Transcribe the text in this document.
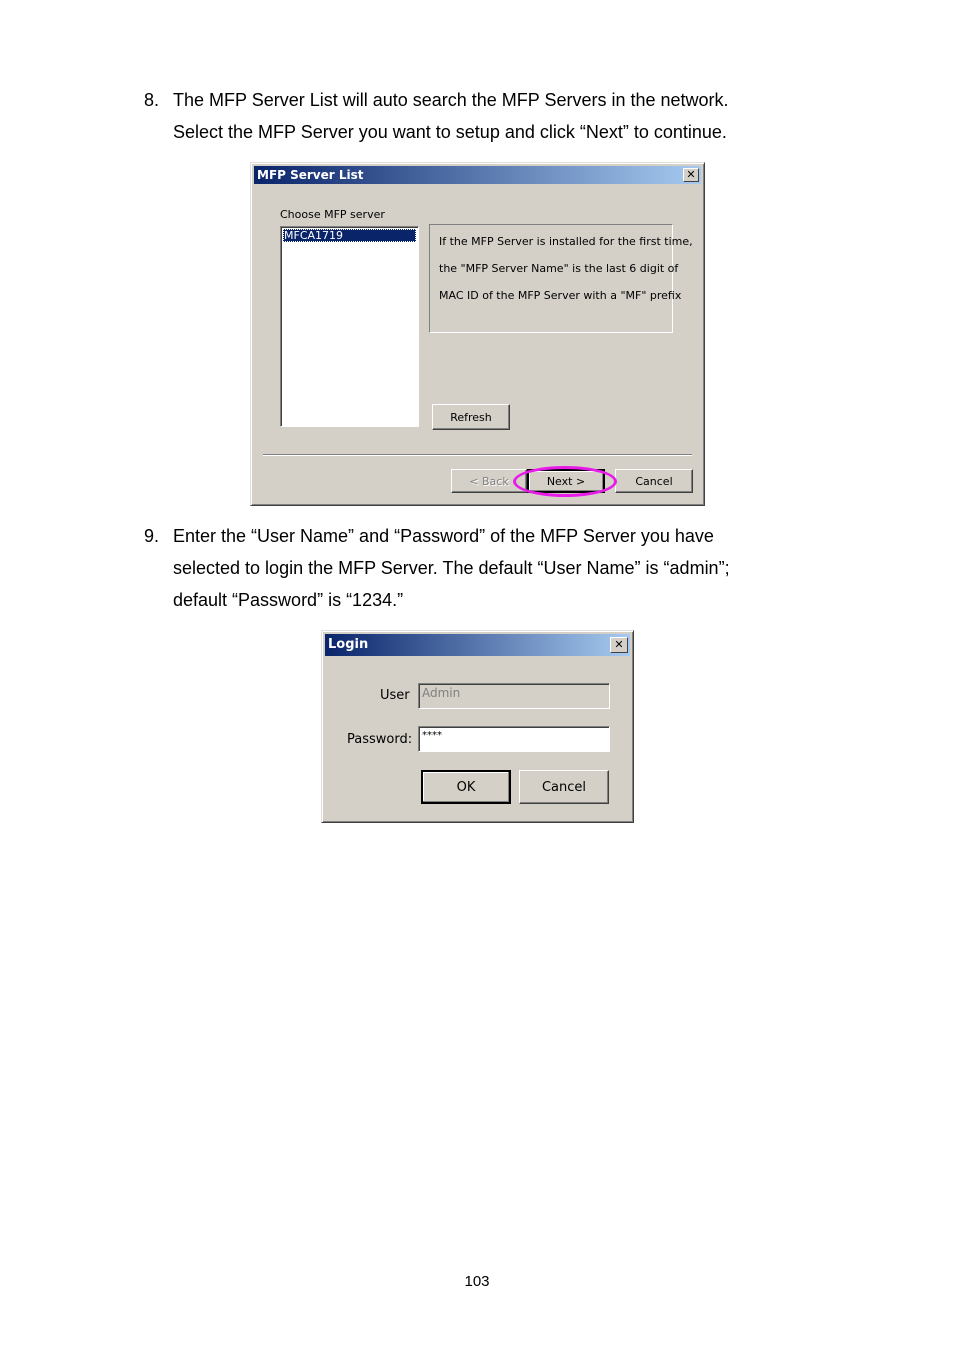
8. The MFP Server List will auto search the MFP Servers in the network.
Select the MFP Server you want to setup and click “Next” to continue.
MFP Server List	✕
Choose MFP server
MFCA1719	If the MFP Server is installed for the first time,
the "MFP Server Name" is the last 6 digit of
MAC ID of the MFP Server with a "MF" prefix
Refresh
< Back	Next >	Cancel
9. Enter the “User Name” and “Password” of the MFP Server you have
selected to login the MFP Server. The default “User Name” is “admin”;
default “Password” is “1234.”
Login	✕
User Admin
Password: ****
OK	Cancel
103
